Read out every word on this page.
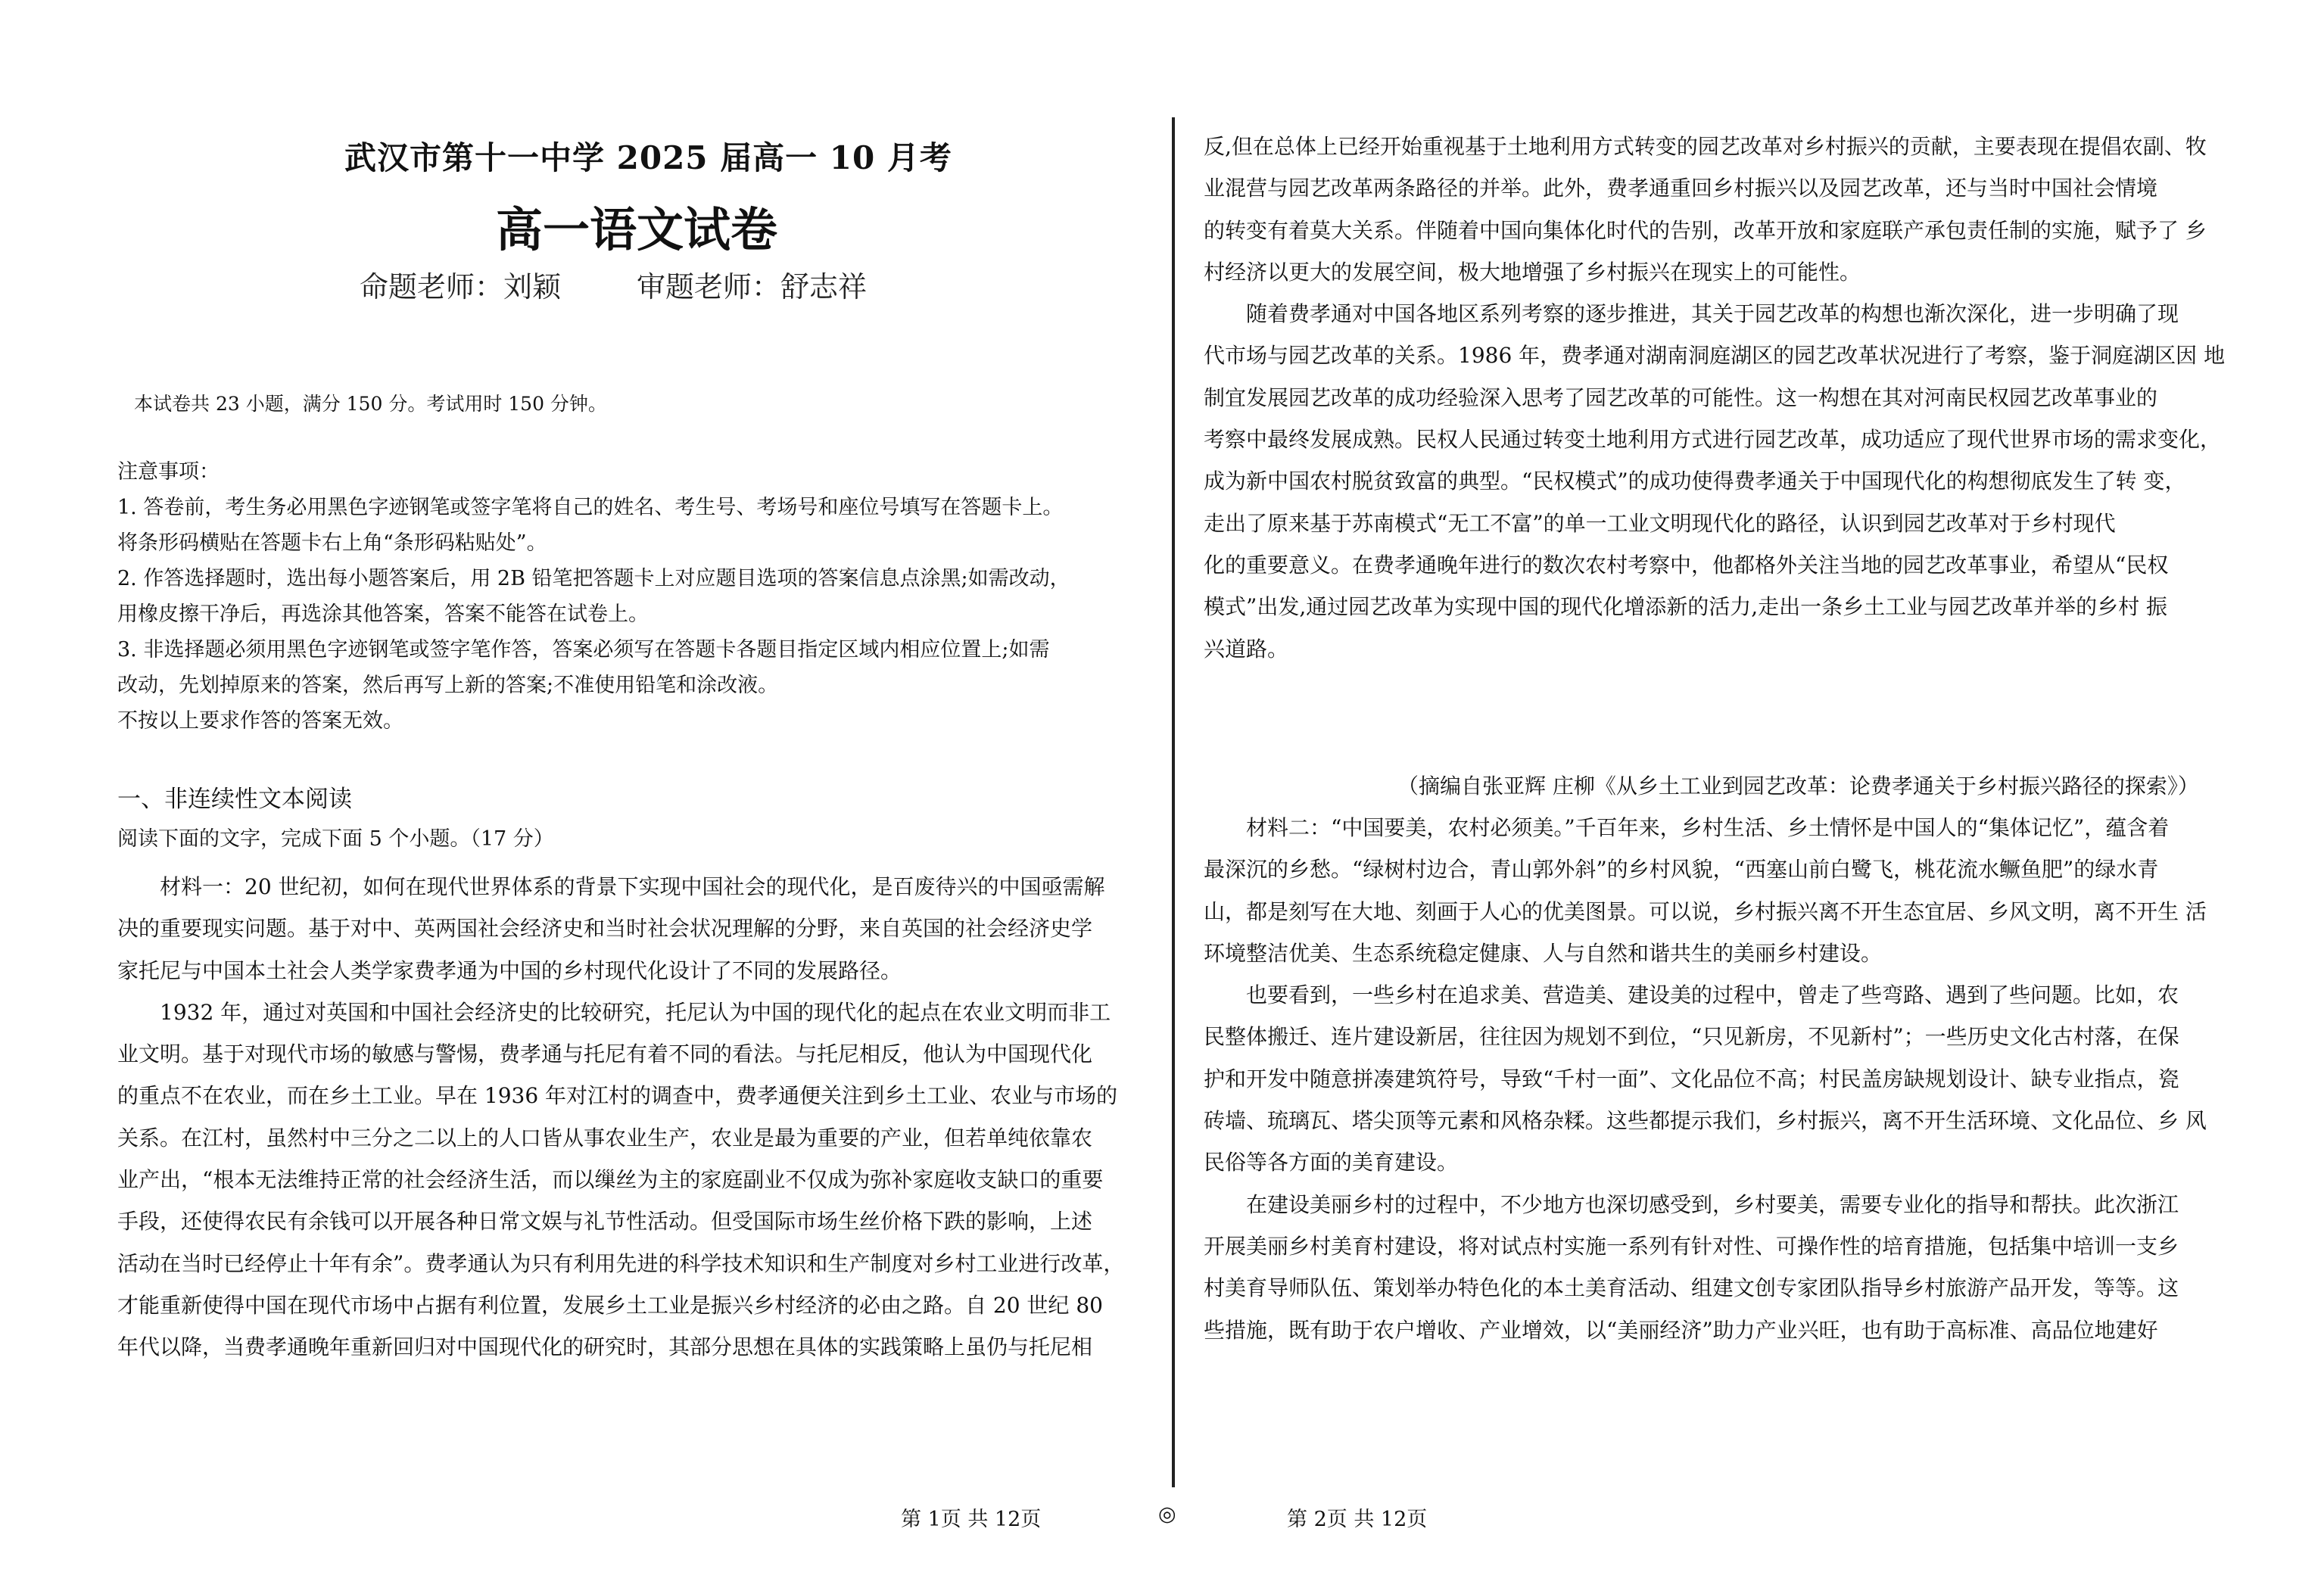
武汉市第十一中学 2025 届高一 10 月考
高一语文试卷
命题老师：刘颖	审题老师：舒志祥
本试卷共 23 小题，满分 150 分。考试用时 150 分钟。
注意事项：
1. 答卷前，考生务必用黑色字迹钢笔或签字笔将自己的姓名、考生号、考场号和座位号填写在答题卡上。
将条形码横贴在答题卡右上角“条形码粘贴处”。
2. 作答选择题时，选出每小题答案后，用 2B 铅笔把答题卡上对应题目选项的答案信息点涂黑;如需改动，
用橡皮擦干净后，再选涂其他答案，答案不能答在试卷上。
3. 非选择题必须用黑色字迹钢笔或签字笔作答，答案必须写在答题卡各题目指定区域内相应位置上;如需
改动，先划掉原来的答案，然后再写上新的答案;不准使用铅笔和涂改液。
不按以上要求作答的答案无效。
一、非连续性文本阅读
阅读下面的文字，完成下面 5 个小题。（17 分）

材料一：20 世纪初，如何在现代世界体系的背景下实现中国社会的现代化，是百废待兴的中国亟需解

决的重要现实问题。基于对中、英两国社会经济史和当时社会状况理解的分野，来自英国的社会经济史学

家托尼与中国本土社会人类学家费孝通为中国的乡村现代化设计了不同的发展路径。

1932 年，通过对英国和中国社会经济史的比较研究，托尼认为中国的现代化的起点在农业文明而非工

业文明。基于对现代市场的敏感与警惕，费孝通与托尼有着不同的看法。与托尼相反，他认为中国现代化

的重点不在农业，而在乡土工业。早在 1936 年对江村的调查中，费孝通便关注到乡土工业、农业与市场的

关系。在江村，虽然村中三分之二以上的人口皆从事农业生产，农业是最为重要的产业，但若单纯依靠农

业产出，“根本无法维持正常的社会经济生活，而以缫丝为主的家庭副业不仅成为弥补家庭收支缺口的重要

手段，还使得农民有余钱可以开展各种日常文娱与礼节性活动。但受国际市场生丝价格下跌的影响，上述

活动在当时已经停止十年有余”。费孝通认为只有利用先进的科学技术知识和生产制度对乡村工业进行改革，

才能重新使得中国在现代市场中占据有利位置，发展乡土工业是振兴乡村经济的必由之路。自 20 世纪 80

年代以降，当费孝通晚年重新回归对中国现代化的研究时，其部分思想在具体的实践策略上虽仍与托尼相

反,但在总体上已经开始重视基于土地利用方式转变的园艺改革对乡村振兴的贡献，主要表现在提倡农副、牧

业混营与园艺改革两条路径的并举。此外，费孝通重回乡村振兴以及园艺改革，还与当时中国社会情境

的转变有着莫大关系。伴随着中国向集体化时代的告别，改革开放和家庭联产承包责任制的实施，赋予了 乡

村经济以更大的发展空间，极大地增强了乡村振兴在现实上的可能性。

随着费孝通对中国各地区系列考察的逐步推进，其关于园艺改革的构想也渐次深化，进一步明确了现

代市场与园艺改革的关系。1986 年，费孝通对湖南洞庭湖区的园艺改革状况进行了考察，鉴于洞庭湖区因 地

制宜发展园艺改革的成功经验深入思考了园艺改革的可能性。这一构想在其对河南民权园艺改革事业的

考察中最终发展成熟。民权人民通过转变土地利用方式进行园艺改革，成功适应了现代世界市场的需求变化，

成为新中国农村脱贫致富的典型。“民权模式”的成功使得费孝通关于中国现代化的构想彻底发生了转 变，

走出了原来基于苏南模式“无工不富”的单一工业文明现代化的路径，认识到园艺改革对于乡村现代

化的重要意义。在费孝通晚年进行的数次农村考察中，他都格外关注当地的园艺改革事业，希望从“民权

模式”出发,通过园艺改革为实现中国的现代化增添新的活力,走出一条乡土工业与园艺改革并举的乡村 振

兴道路。

（摘编自张亚辉 庄柳《从乡土工业到园艺改革：论费孝通关于乡村振兴路径的探索》）

材料二：“中国要美，农村必须美。”千百年来，乡村生活、乡土情怀是中国人的“集体记忆”，蕴含着

最深沉的乡愁。“绿树村边合，青山郭外斜”的乡村风貌，“西塞山前白鹭飞，桃花流水鳜鱼肥”的绿水青

山，都是刻写在大地、刻画于人心的优美图景。可以说，乡村振兴离不开生态宜居、乡风文明，离不开生 活

环境整洁优美、生态系统稳定健康、人与自然和谐共生的美丽乡村建设。

也要看到，一些乡村在追求美、营造美、建设美的过程中，曾走了些弯路、遇到了些问题。比如，农

民整体搬迁、连片建设新居，往往因为规划不到位，“只见新房，不见新村”；一些历史文化古村落，在保

护和开发中随意拼凑建筑符号，导致“千村一面”、文化品位不高；村民盖房缺规划设计、缺专业指点，瓷

砖墙、琉璃瓦、塔尖顶等元素和风格杂糅。这些都提示我们，乡村振兴，离不开生活环境、文化品位、乡 风

民俗等各方面的美育建设。

在建设美丽乡村的过程中，不少地方也深切感受到，乡村要美，需要专业化的指导和帮扶。此次浙江

开展美丽乡村美育村建设，将对试点村实施一系列有针对性、可操作性的培育措施，包括集中培训一支乡

村美育导师队伍、策划举办特色化的本土美育活动、组建文创专家团队指导乡村旅游产品开发，等等。这

些措施，既有助于农户增收、产业增效，以“美丽经济”助力产业兴旺，也有助于高标准、高品位地建好

第 1页 共 12页	◎	第 2页 共 12页
